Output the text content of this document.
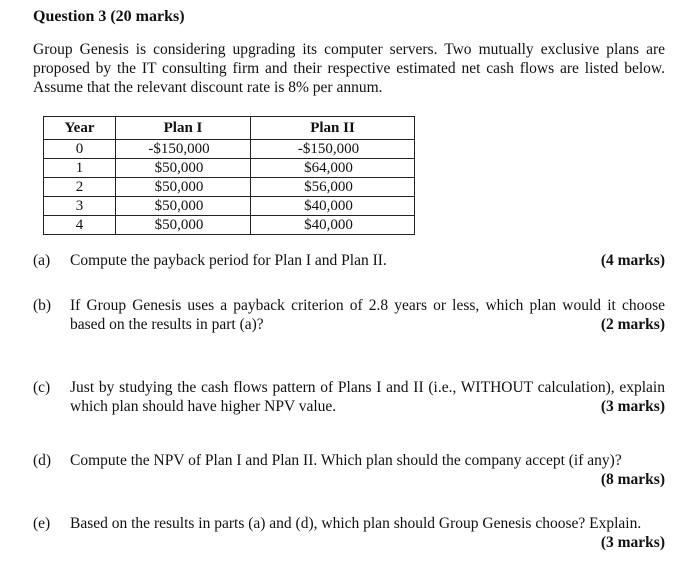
Question 3 (20 marks)
Group Genesis is considering upgrading its computer servers. Two mutually exclusive plans are proposed by the IT consulting firm and their respective estimated net cash flows are listed below. Assume that the relevant discount rate is 8% per annum.
Year	Plan I	Plan II
0	-$150,000	-$150,000
1	$50,000	$64,000
2	$50,000	$56,000
3	$50,000	$40,000
4	$50,000	$40,000
(a)	(4 marks)
Compute the payback period for Plan I and Plan II.
(b) If Group Genesis uses a payback criterion of 2.8 years or less, which plan would it choose based on the results in part (a)?	(2 marks)
(c) Just by studying the cash flows pattern of Plans I and II (i.e., WITHOUT calculation), explain which plan should have higher NPV value.	(3 marks)
(d) Compute the NPV of Plan I and Plan II. Which plan should the company accept (if any)?
(8 marks)
(e) Based on the results in parts (a) and (d), which plan should Group Genesis choose? Explain.
(3 marks)
